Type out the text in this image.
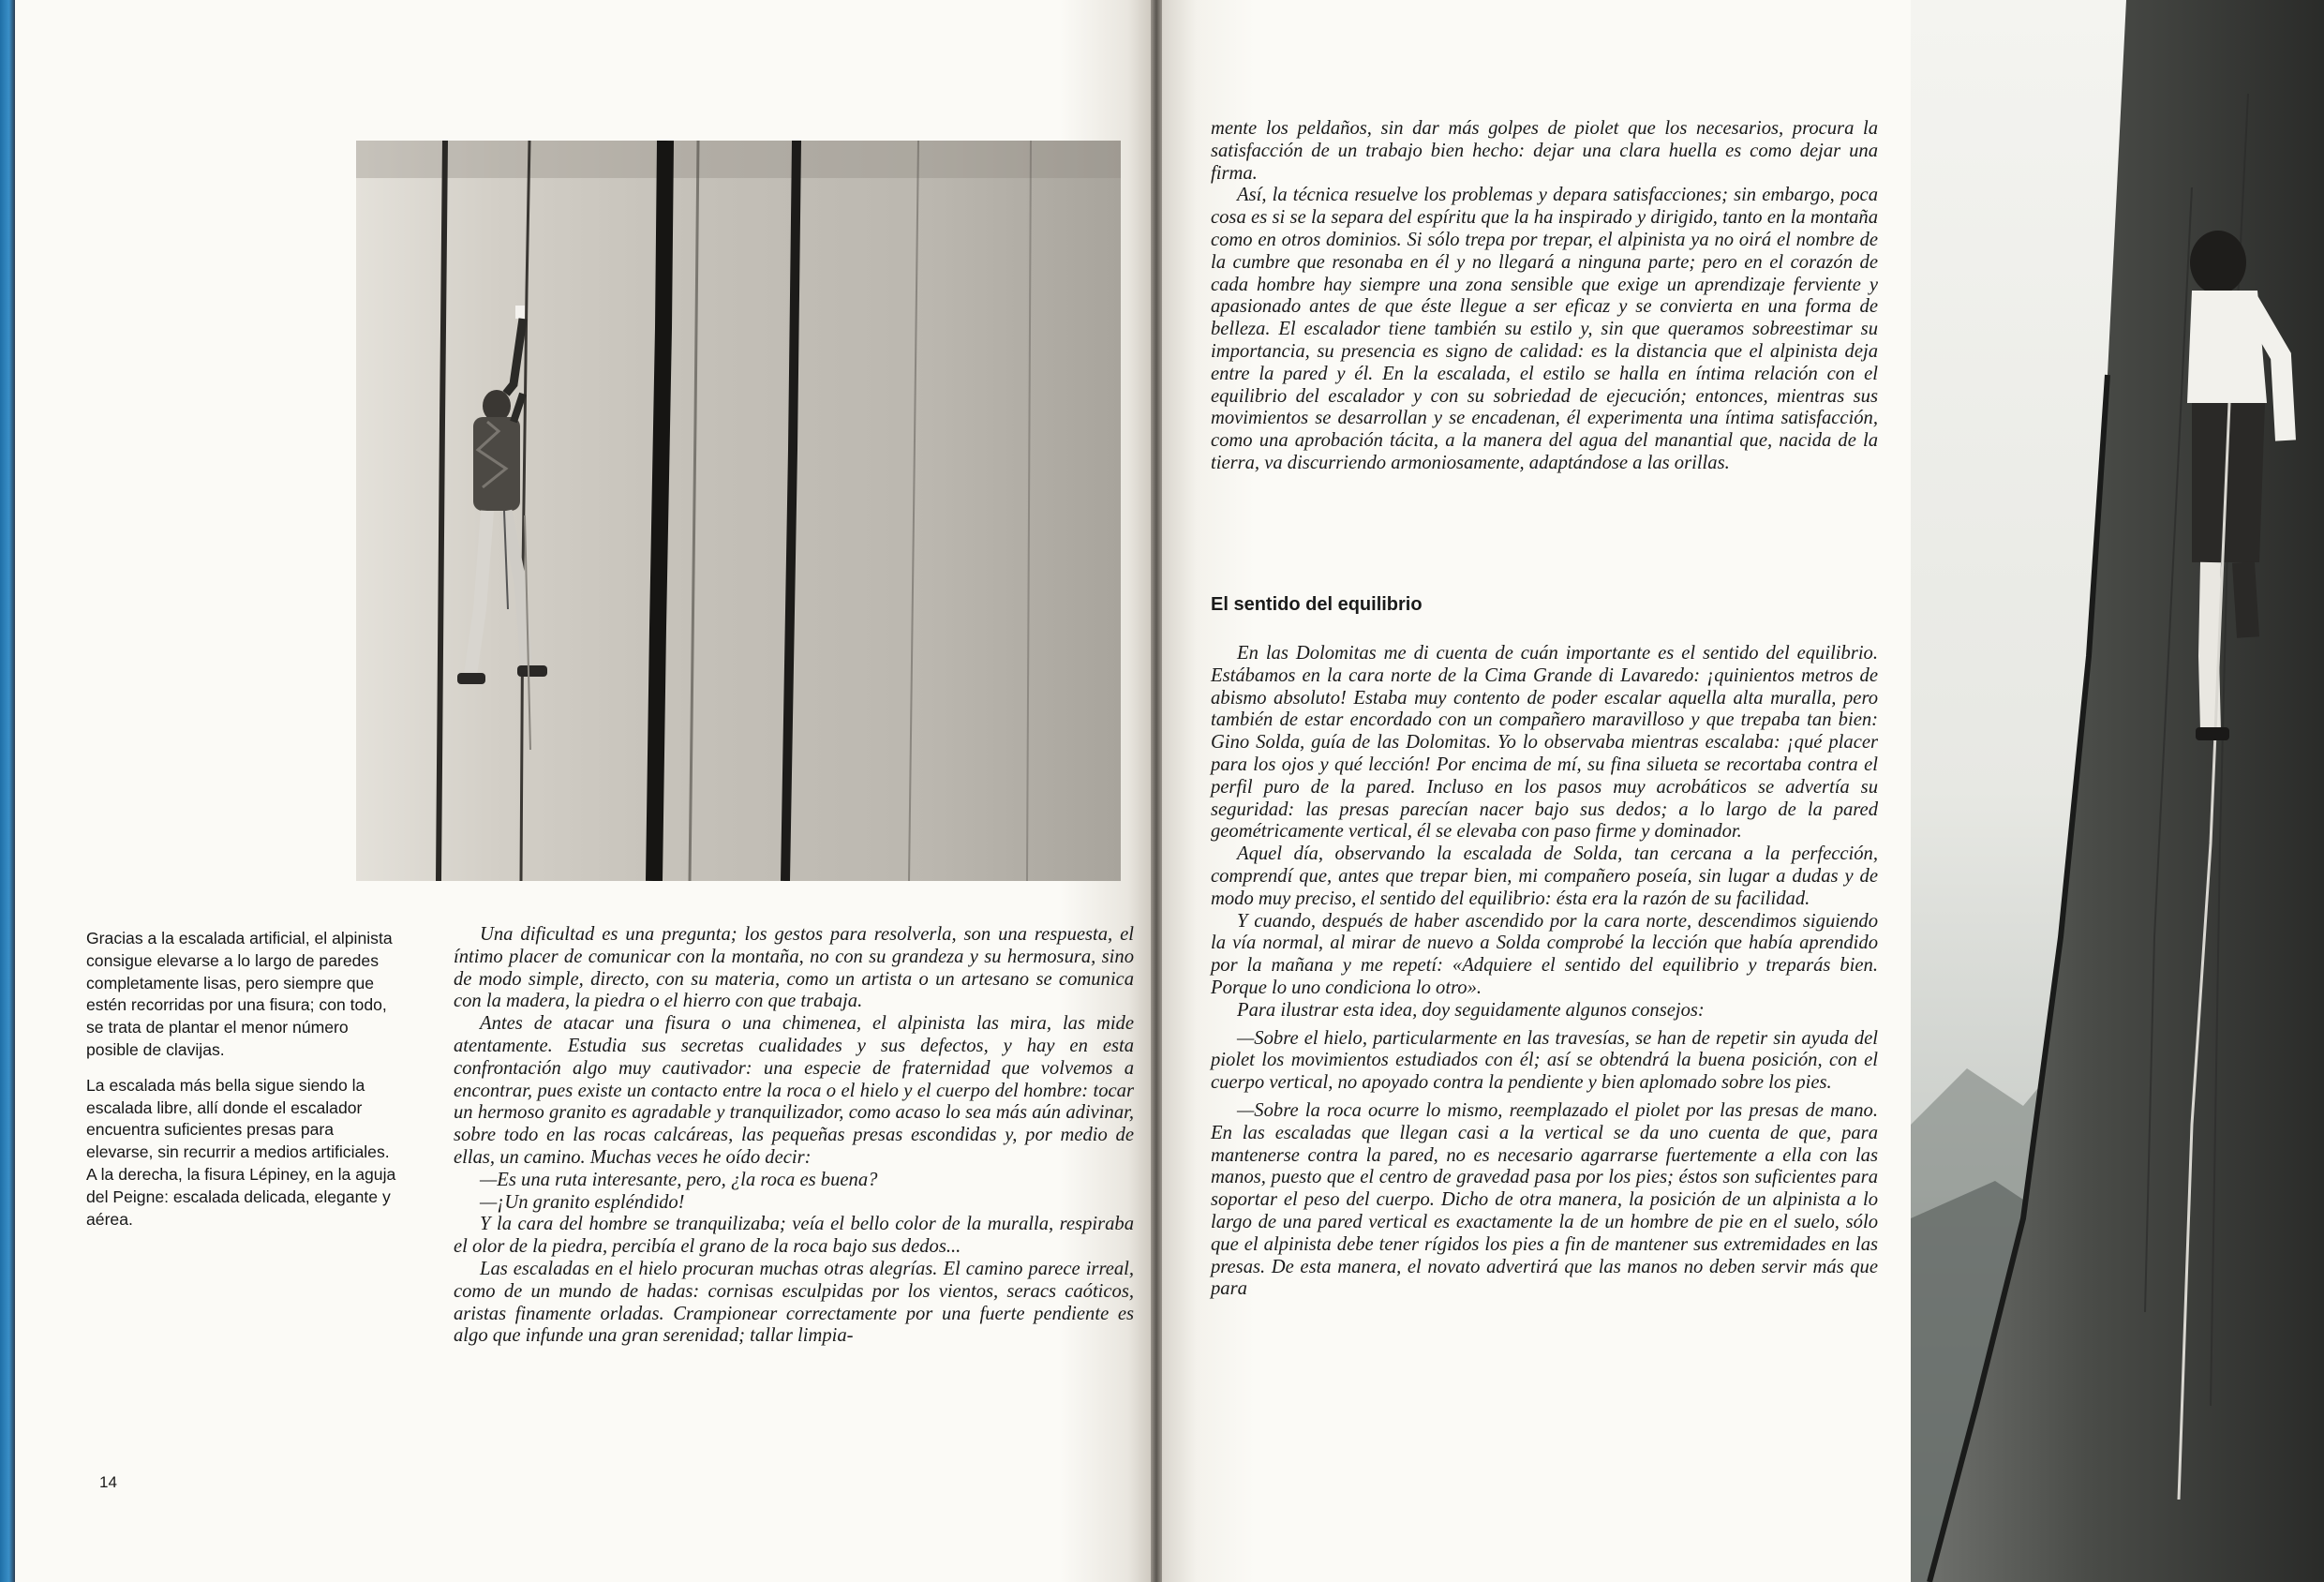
Gracias a la escalada artificial, el alpinista consigue elevarse a lo largo de paredes completamente lisas, pero siempre que estén recorridas por una fisura; con todo, se trata de plantar el menor número posible de clavijas.

La escalada más bella sigue siendo la escalada libre, allí donde el escalador encuentra suficientes presas para elevarse, sin recurrir a medios artificiales. A la derecha, la fisura Lépiney, en la aguja del Peigne: escalada delicada, elegante y aérea.

Una dificultad es una pregunta; los gestos para resolverla, son una respuesta, el íntimo placer de comunicar con la montaña, no con su grandeza y su hermosura, sino de modo simple, directo, con su materia, como un artista o un artesano se comunica con la madera, la piedra o el hierro con que trabaja.

Antes de atacar una fisura o una chimenea, el alpinista las mira, las mide atentamente. Estudia sus secretas cualidades y sus defectos, y hay en esta confrontación algo muy cautivador: una especie de fraternidad que volvemos a encontrar, pues existe un contacto entre la roca o el hielo y el cuerpo del hombre: tocar un hermoso granito es agradable y tranquilizador, como acaso lo sea más aún adivinar, sobre todo en las rocas calcáreas, las pequeñas presas escondidas y, por medio de ellas, un camino. Muchas veces he oído decir:

—Es una ruta interesante, pero, ¿la roca es buena?

—¡Un granito espléndido!

Y la cara del hombre se tranquilizaba; veía el bello color de la muralla, respiraba el olor de la piedra, percibía el grano de la roca bajo sus dedos...

Las escaladas en el hielo procuran muchas otras alegrías. El camino parece irreal, como de un mundo de hadas: cornisas esculpidas por los vientos, seracs caóticos, aristas finamente orladas. Crampionear correctamente por una fuerte pendiente es algo que infunde una gran serenidad; tallar limpia-

14

mente los peldaños, sin dar más golpes de piolet que los necesarios, procura la satisfacción de un trabajo bien hecho: dejar una clara huella es como dejar una firma.

Así, la técnica resuelve los problemas y depara satisfacciones; sin embargo, poca cosa es si se la separa del espíritu que la ha inspirado y dirigido, tanto en la montaña como en otros dominios. Si sólo trepa por trepar, el alpinista ya no oirá el nombre de la cumbre que resonaba en él y no llegará a ninguna parte; pero en el corazón de cada hombre hay siempre una zona sensible que exige un aprendizaje ferviente y apasionado antes de que éste llegue a ser eficaz y se convierta en una forma de belleza. El escalador tiene también su estilo y, sin que queramos sobreestimar su importancia, su presencia es signo de calidad: es la distancia que el alpinista deja entre la pared y él. En la escalada, el estilo se halla en íntima relación con el equilibrio del escalador y con su sobriedad de ejecución; entonces, mientras sus movimientos se desarrollan y se encadenan, él experimenta una íntima satisfacción, como una aprobación tácita, a la manera del agua del manantial que, nacida de la tierra, va discurriendo armoniosamente, adaptándose a las orillas.

El sentido del equilibrio

En las Dolomitas me di cuenta de cuán importante es el sentido del equilibrio. Estábamos en la cara norte de la Cima Grande di Lavaredo: ¡quinientos metros de abismo absoluto! Estaba muy contento de poder escalar aquella alta muralla, pero también de estar encordado con un compañero maravilloso y que trepaba tan bien: Gino Solda, guía de las Dolomitas. Yo lo observaba mientras escalaba: ¡qué placer para los ojos y qué lección! Por encima de mí, su fina silueta se recortaba contra el perfil puro de la pared. Incluso en los pasos muy acrobáticos se advertía su seguridad: las presas parecían nacer bajo sus dedos; a lo largo de la pared geométricamente vertical, él se elevaba con paso firme y dominador.

Aquel día, observando la escalada de Solda, tan cercana a la perfección, comprendí que, antes que trepar bien, mi compañero poseía, sin lugar a dudas y de modo muy preciso, el sentido del equilibrio: ésta era la razón de su facilidad.

Y cuando, después de haber ascendido por la cara norte, descendimos siguiendo la vía normal, al mirar de nuevo a Solda comprobé la lección que había aprendido por la mañana y me repetí: «Adquiere el sentido del equilibrio y treparás bien. Porque lo uno condiciona lo otro».

Para ilustrar esta idea, doy seguidamente algunos consejos:

—Sobre el hielo, particularmente en las travesías, se han de repetir sin ayuda del piolet los movimientos estudiados con él; así se obtendrá la buena posición, con el cuerpo vertical, no apoyado contra la pendiente y bien aplomado sobre los pies.

—Sobre la roca ocurre lo mismo, reemplazado el piolet por las presas de mano. En las escaladas que llegan casi a la vertical se da uno cuenta de que, para mantenerse contra la pared, no es necesario agarrarse fuertemente a ella con las manos, puesto que el centro de gravedad pasa por los pies; éstos son suficientes para soportar el peso del cuerpo. Dicho de otra manera, la posición de un alpinista a lo largo de una pared vertical es exactamente la de un hombre de pie en el suelo, sólo que el alpinista debe tener rígidos los pies a fin de mantener sus extremidades en las presas. De esta manera, el novato advertirá que las manos no deben servir más que para
